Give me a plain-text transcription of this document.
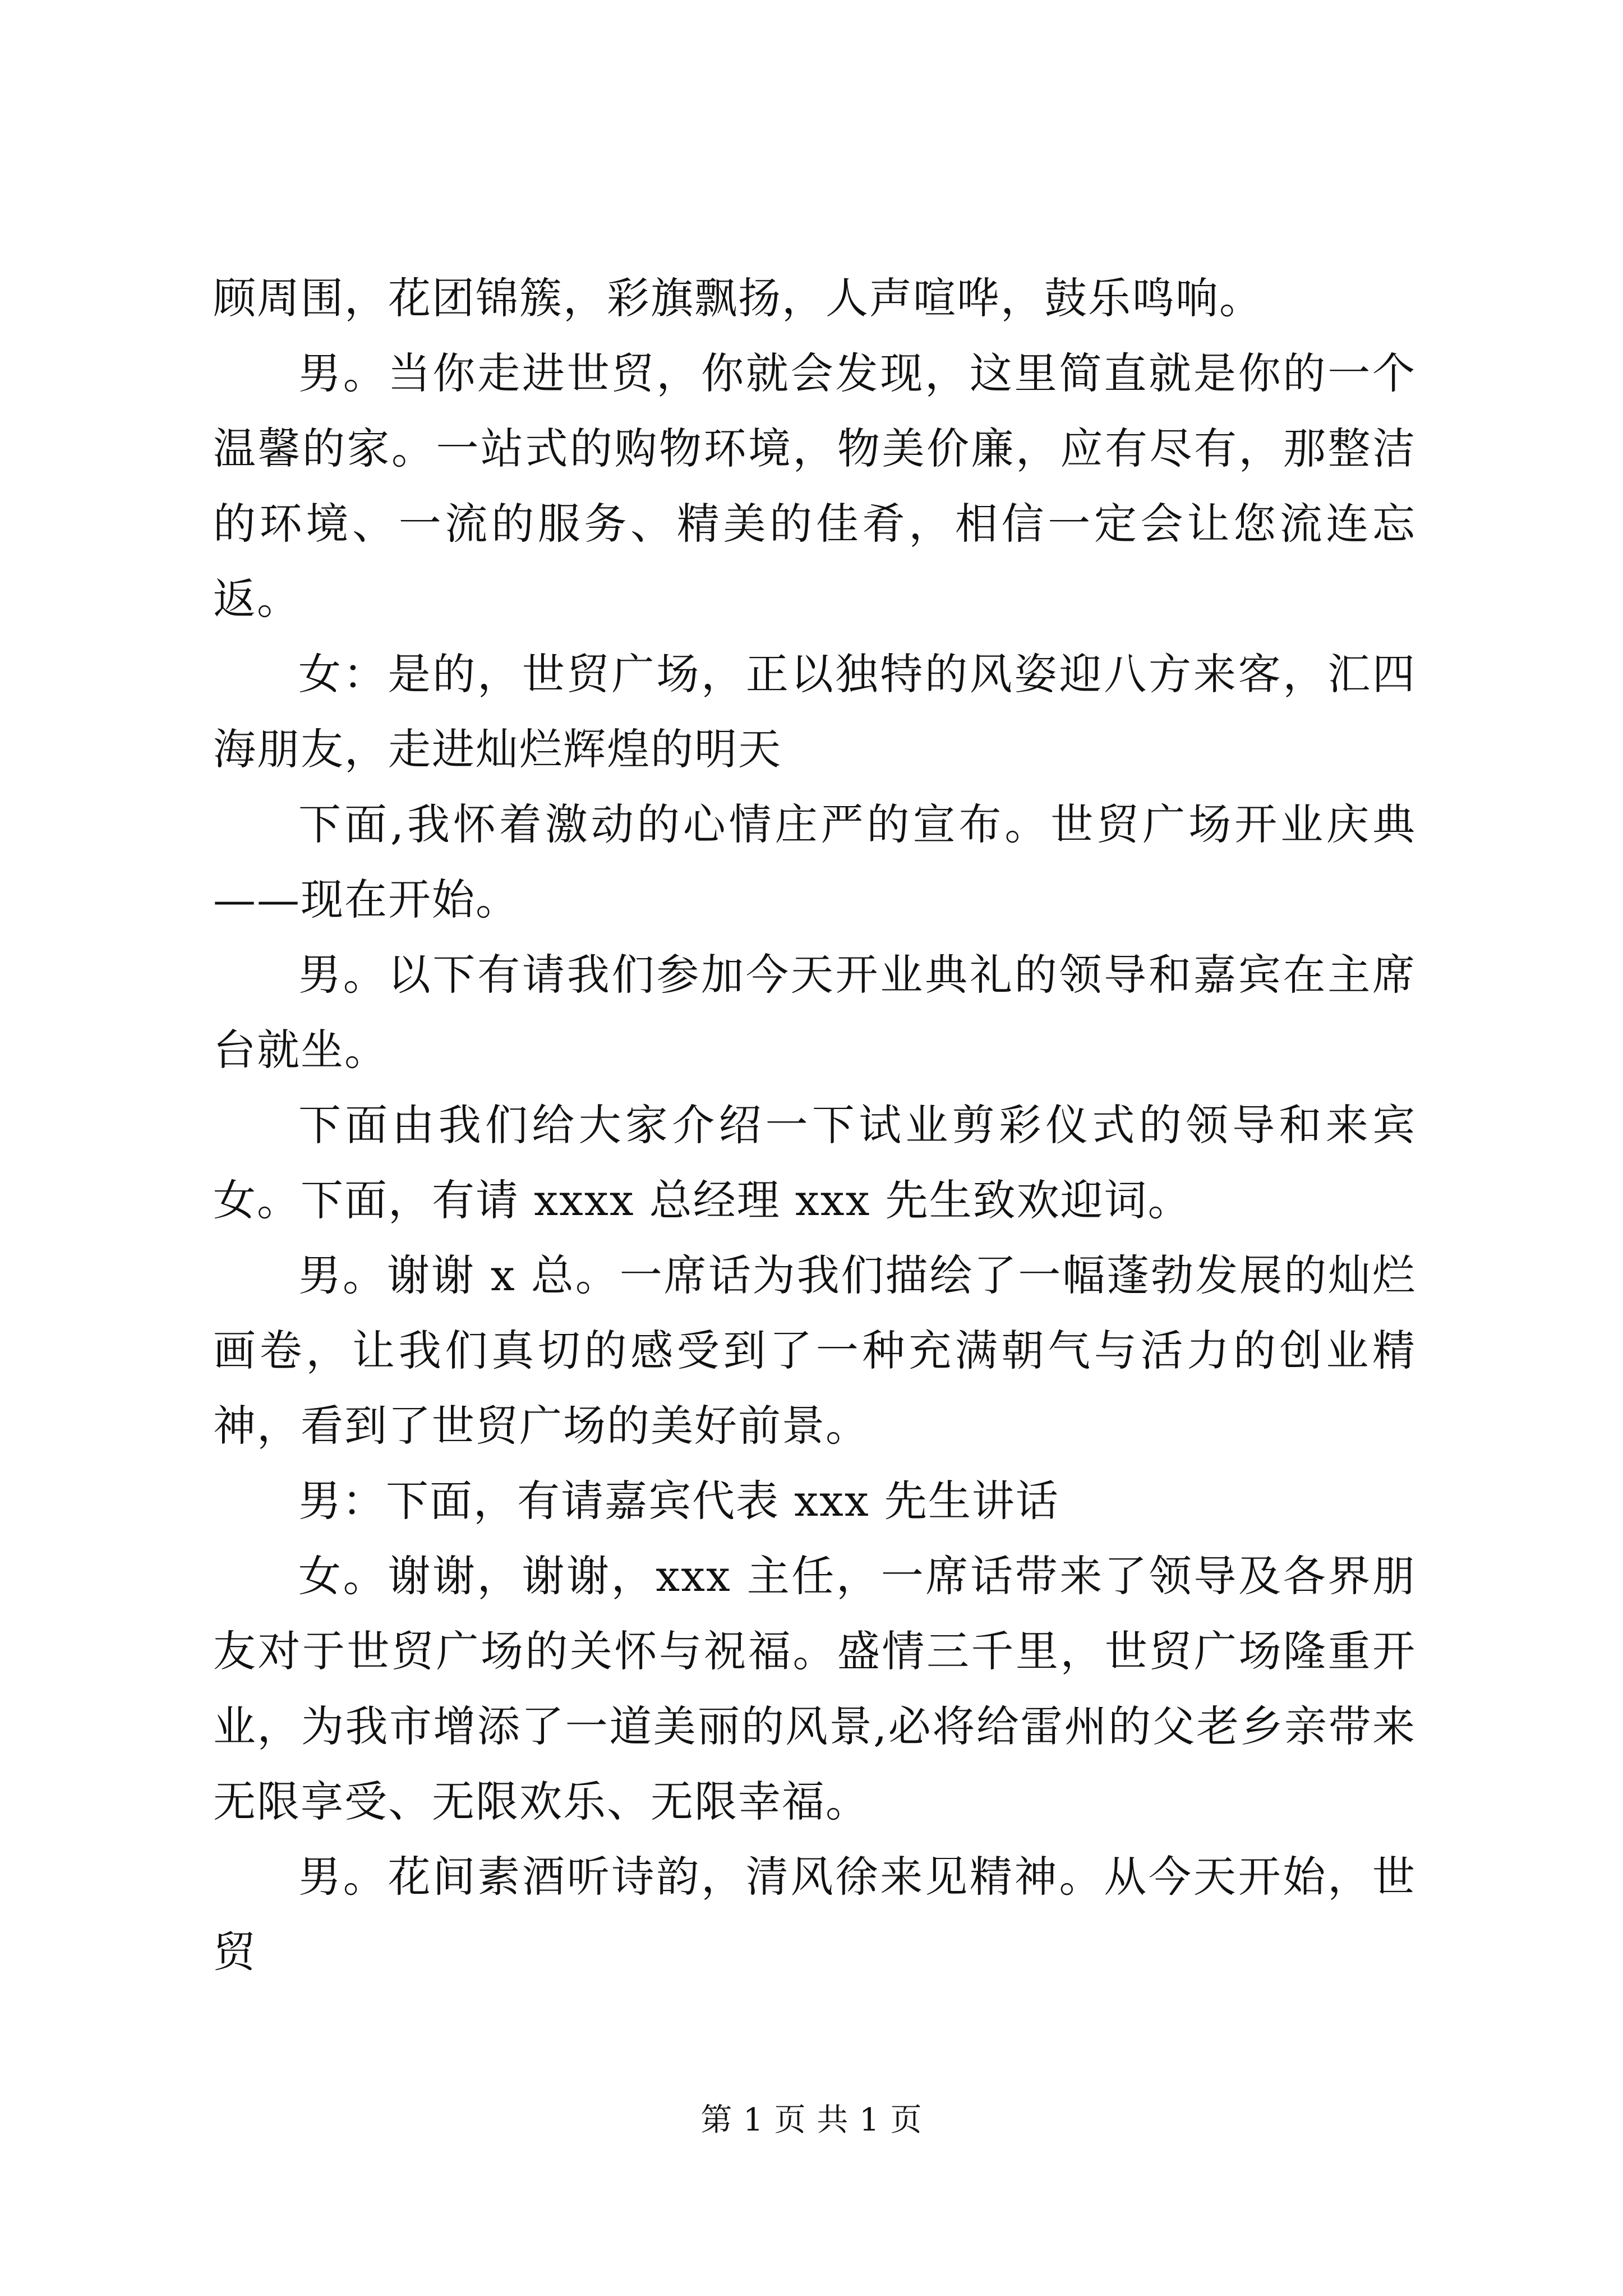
顾周围，花团锦簇，彩旗飘扬，人声喧哗，鼓乐鸣响。

男。当你走进世贸，你就会发现，这里简直就是你的一个温馨的家。一站式的购物环境，物美价廉，应有尽有，那整洁的环境、一流的服务、精美的佳肴，相信一定会让您流连忘返。

女：是的，世贸广场，正以独特的风姿迎八方来客，汇四海朋友，走进灿烂辉煌的明天

下面,我怀着激动的心情庄严的宣布。世贸广场开业庆典——现在开始。

男。以下有请我们参加今天开业典礼的领导和嘉宾在主席台就坐。

下面由我们给大家介绍一下试业剪彩仪式的领导和来宾女。下面，有请 xxxx 总经理 xxx 先生致欢迎词。

男。谢谢 x 总。一席话为我们描绘了一幅蓬勃发展的灿烂画卷，让我们真切的感受到了一种充满朝气与活力的创业精神，看到了世贸广场的美好前景。

男：下面，有请嘉宾代表 xxx 先生讲话

女。谢谢，谢谢，xxx 主任，一席话带来了领导及各界朋友对于世贸广场的关怀与祝福。盛情三千里，世贸广场隆重开业，为我市增添了一道美丽的风景,必将给雷州的父老乡亲带来无限享受、无限欢乐、无限幸福。

男。花间素酒听诗韵，清风徐来见精神。从今天开始，世贸

第 1 页 共 1 页
